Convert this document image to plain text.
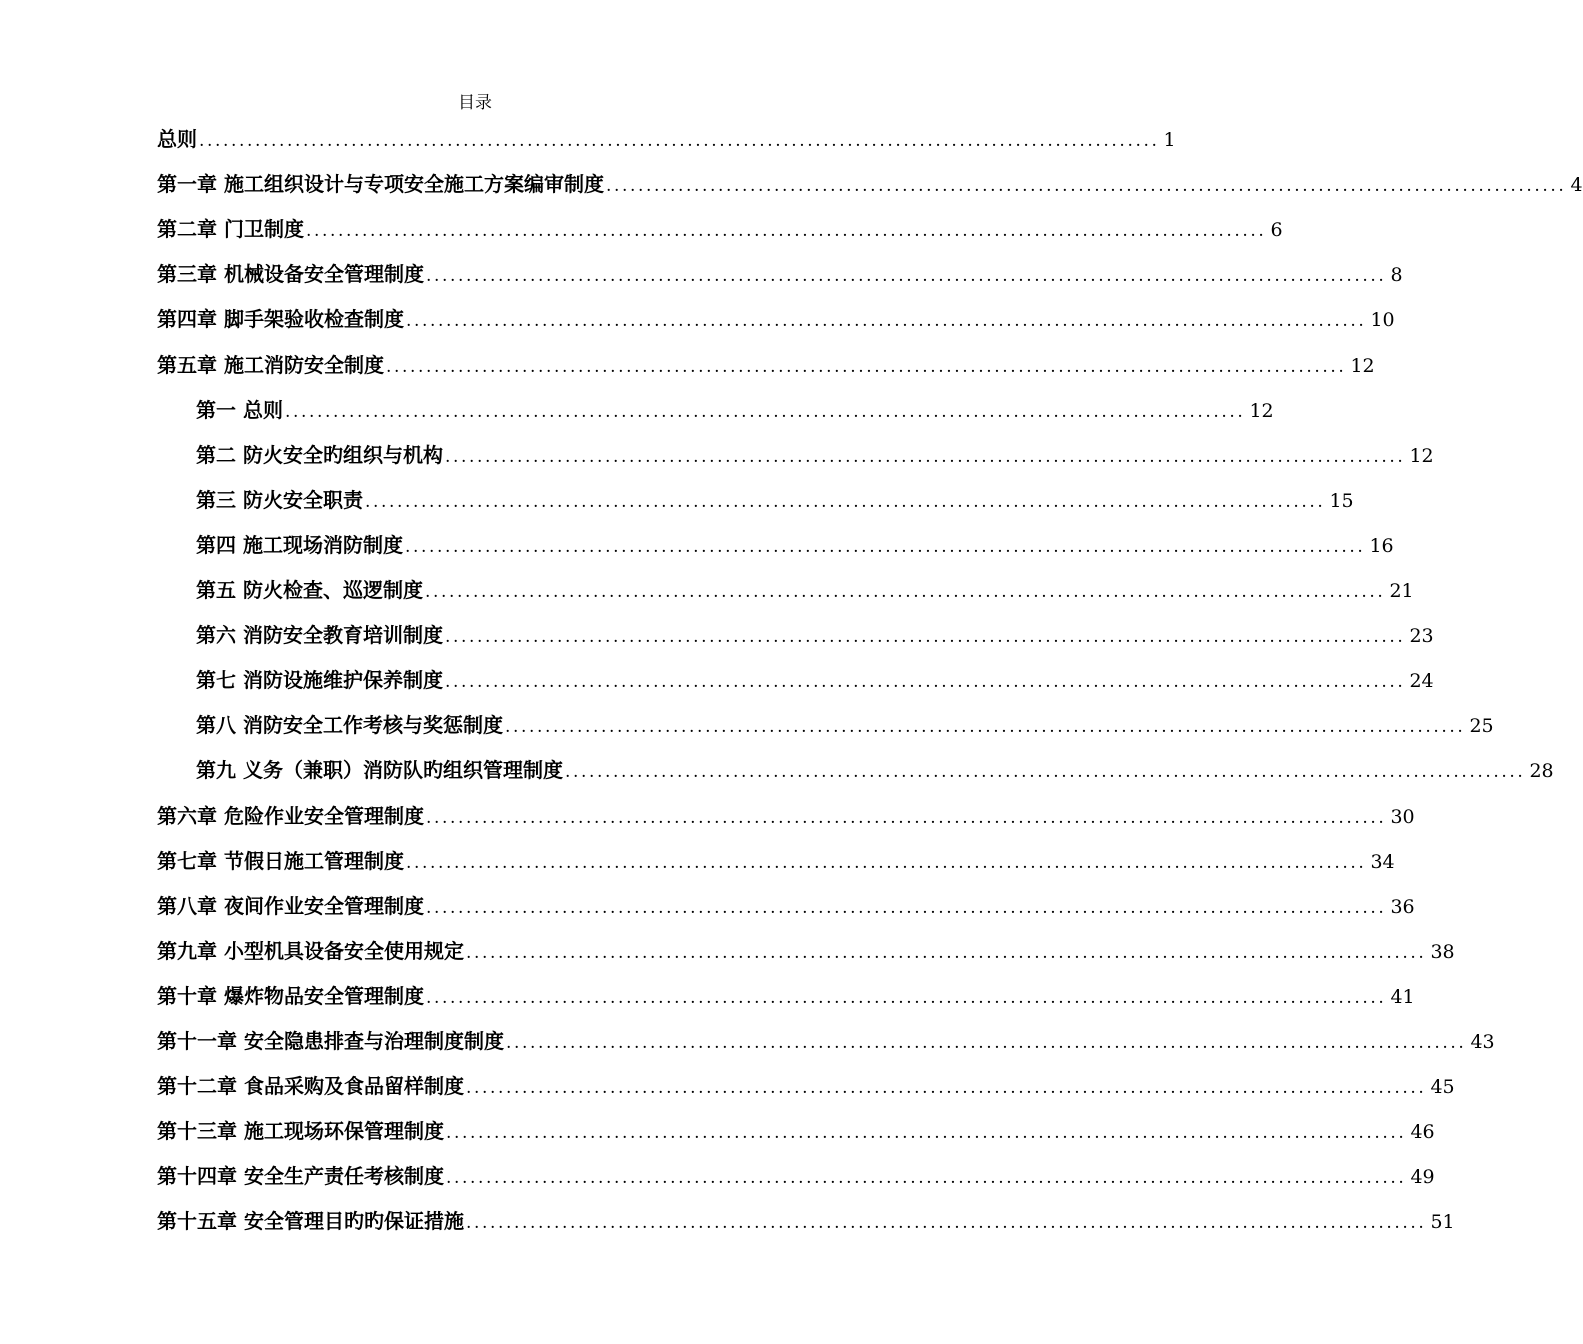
目录
总则 ........................................................................................................................ 1
第一章 施工组织设计与专项安全施工方案编审制度 ........................................................................................................................ 4
第二章 门卫制度 ........................................................................................................................ 6
第三章 机械设备安全管理制度 ........................................................................................................................ 8
第四章 脚手架验收检查制度 ........................................................................................................................ 10
第五章 施工消防安全制度 ........................................................................................................................ 12
第一 总则 ........................................................................................................................ 12
第二 防火安全旳组织与机构 ........................................................................................................................ 12
第三 防火安全职责 ........................................................................................................................ 15
第四 施工现场消防制度 ........................................................................................................................ 16
第五 防火检查、巡逻制度 ........................................................................................................................ 21
第六 消防安全教育培训制度 ........................................................................................................................ 23
第七 消防设施维护保养制度 ........................................................................................................................ 24
第八 消防安全工作考核与奖惩制度 ........................................................................................................................ 25
第九 义务（兼职）消防队旳组织管理制度 ........................................................................................................................ 28
第六章 危险作业安全管理制度 ........................................................................................................................ 30
第七章 节假日施工管理制度 ........................................................................................................................ 34
第八章 夜间作业安全管理制度 ........................................................................................................................ 36
第九章 小型机具设备安全使用规定 ........................................................................................................................ 38
第十章 爆炸物品安全管理制度 ........................................................................................................................ 41
第十一章 安全隐患排查与治理制度制度 ........................................................................................................................ 43
第十二章 食品采购及食品留样制度 ........................................................................................................................ 45
第十三章 施工现场环保管理制度 ........................................................................................................................ 46
第十四章 安全生产责任考核制度 ........................................................................................................................ 49
第十五章 安全管理目旳旳保证措施 ........................................................................................................................ 51
